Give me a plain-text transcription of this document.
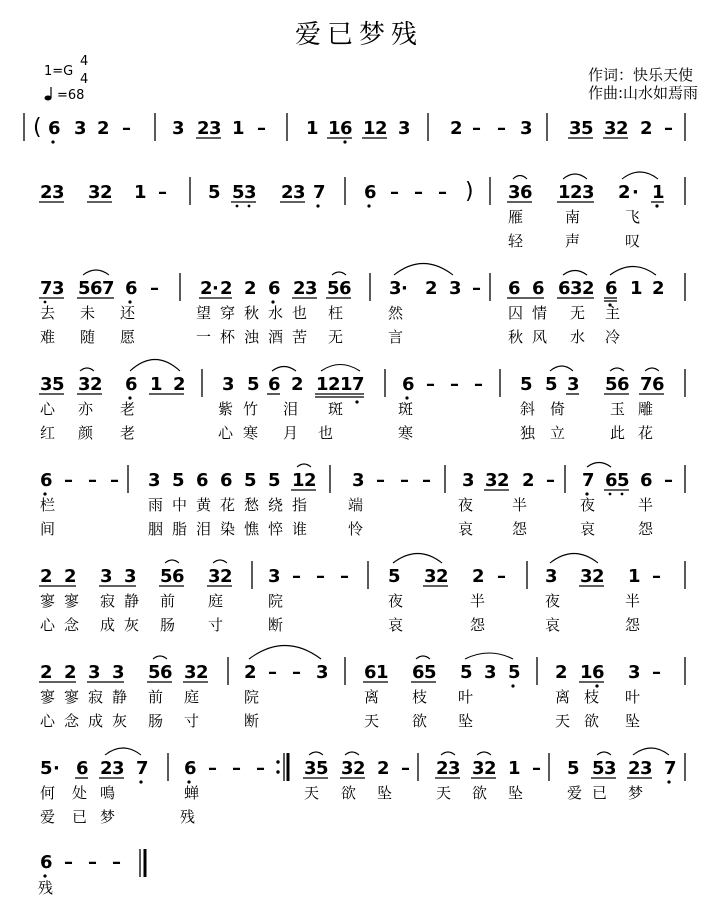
爱已梦残
1=G
4
4
=68
作词：快乐天使
作曲:山水如焉雨
( 6 3 2 – 3 2 3 1 – 1 1 6 1 2 3 2 – – 3 3 5 3 2 2 –
2 3 3 2 1 – 5 5 3 2 3 7 6 – – – ) 3 6 1 2 3 2 · 1
7 3 5 6 7 6 – 2 · 2 2 6 2 3 5 6 3 · 2 3 – 6 6 6 3 2 6 1 2
3 5 3 2 6 1 2 3 5 6 2 1 2 1 7 6 – – – 5 5 3 5 6 7 6
6 – – – 3 5 6 6 5 5 1 2 3 – – – 3 3 2 2 – 7 6 5 6 –
2 2 3 3 5 6 3 2 3 – – – 5 3 2 2 – 3 3 2 1 –
2 2 3 3 5 6 3 2 2 – – 3 6 1 6 5 5 3 5 2 1 6 3 –
5 · 6 2 3 7 6 – – – 3 5 3 2 2 – 2 3 3 2 1 – 5 5 3 2 3 7
6 – – –
雁	南	飞
轻	声	叹
去 未 还	望 穿 秋 水 也 枉	然	囚 情 无 主
难 随 愿	一 杯 浊 酒 苦 无	言	秋 风 水 冷
心 亦 老	紫 竹 泪 斑	斑	斜 倚	玉 雕
红 颜 老	心 寒 月 也	寒	独 立	此 花
栏	雨 中 黄 花 愁 绕 指	端	夜	半	夜	半
间	胭 脂 泪 染 憔 悴 谁	怜	哀	怨	哀	怨
寥 寥 寂 静 前 庭	院	夜	半	夜	半
心 念 成 灰 肠 寸	断	哀	怨	哀	怨
寥 寥 寂 静 前 庭	院	离 枝 叶	离 枝 叶
心 念 成 灰 肠 寸	断	天 欲 坠	天 欲 坠
何 处 鳴	蝉	天 欲 坠	天 欲 坠	爱 已 梦
爱 已 梦	残
残
